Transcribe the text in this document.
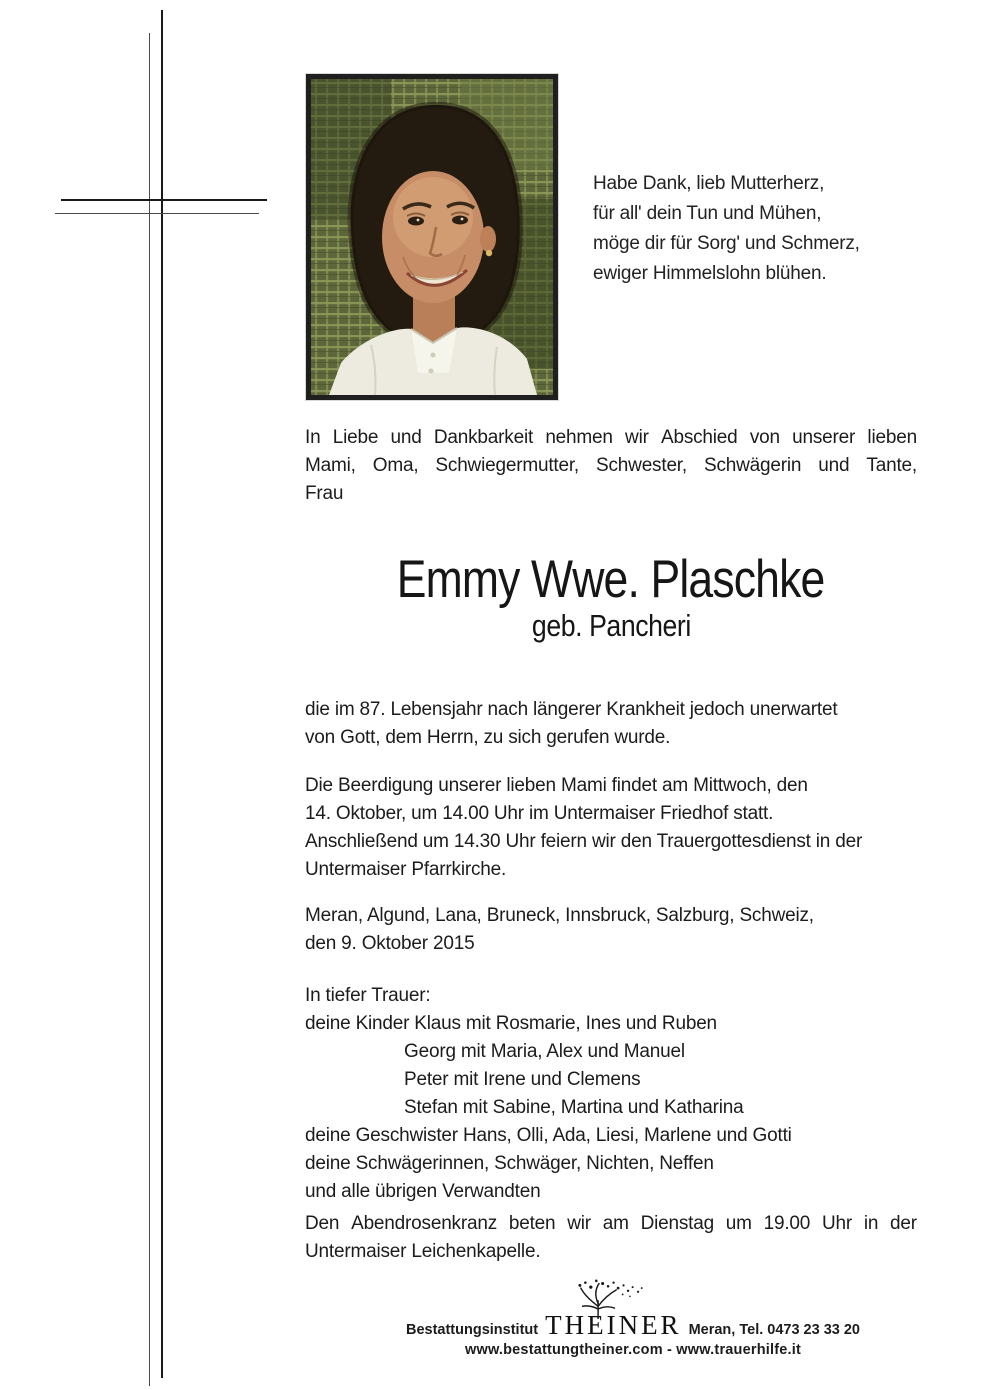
Habe Dank, lieb Mutterherz,
für all' dein Tun und Mühen,
möge dir für Sorg' und Schmerz,
ewiger Himmelslohn blühen.
In Liebe und Dankbarkeit nehmen wir Abschied von unserer lieben
Mami, Oma, Schwiegermutter, Schwester, Schwägerin und Tante,
Frau
Emmy Wwe. Plaschke
geb. Pancheri
die im 87. Lebensjahr nach längerer Krankheit jedoch unerwartet
von Gott, dem Herrn, zu sich gerufen wurde.
Die Beerdigung unserer lieben Mami findet am Mittwoch, den
14. Oktober, um 14.00 Uhr im Untermaiser Friedhof statt.
Anschließend um 14.30 Uhr feiern wir den Trauergottesdienst in der
Untermaiser Pfarrkirche.
Meran, Algund, Lana, Bruneck, Innsbruck, Salzburg, Schweiz,
den 9. Oktober 2015
In tiefer Trauer:
deine Kinder Klaus mit Rosmarie, Ines und Ruben
Georg mit Maria, Alex und Manuel
Peter mit Irene und Clemens
Stefan mit Sabine, Martina und Katharina
deine Geschwister Hans, Olli, Ada, Liesi, Marlene und Gotti
deine Schwägerinnen, Schwäger, Nichten, Neffen
und alle übrigen Verwandten
Den Abendrosenkranz beten wir am Dienstag um 19.00 Uhr in der
Untermaiser Leichenkapelle.
Bestattungsinstitut THEINER Meran, Tel. 0473 23 33 20
www.bestattungtheiner.com - www.trauerhilfe.it
